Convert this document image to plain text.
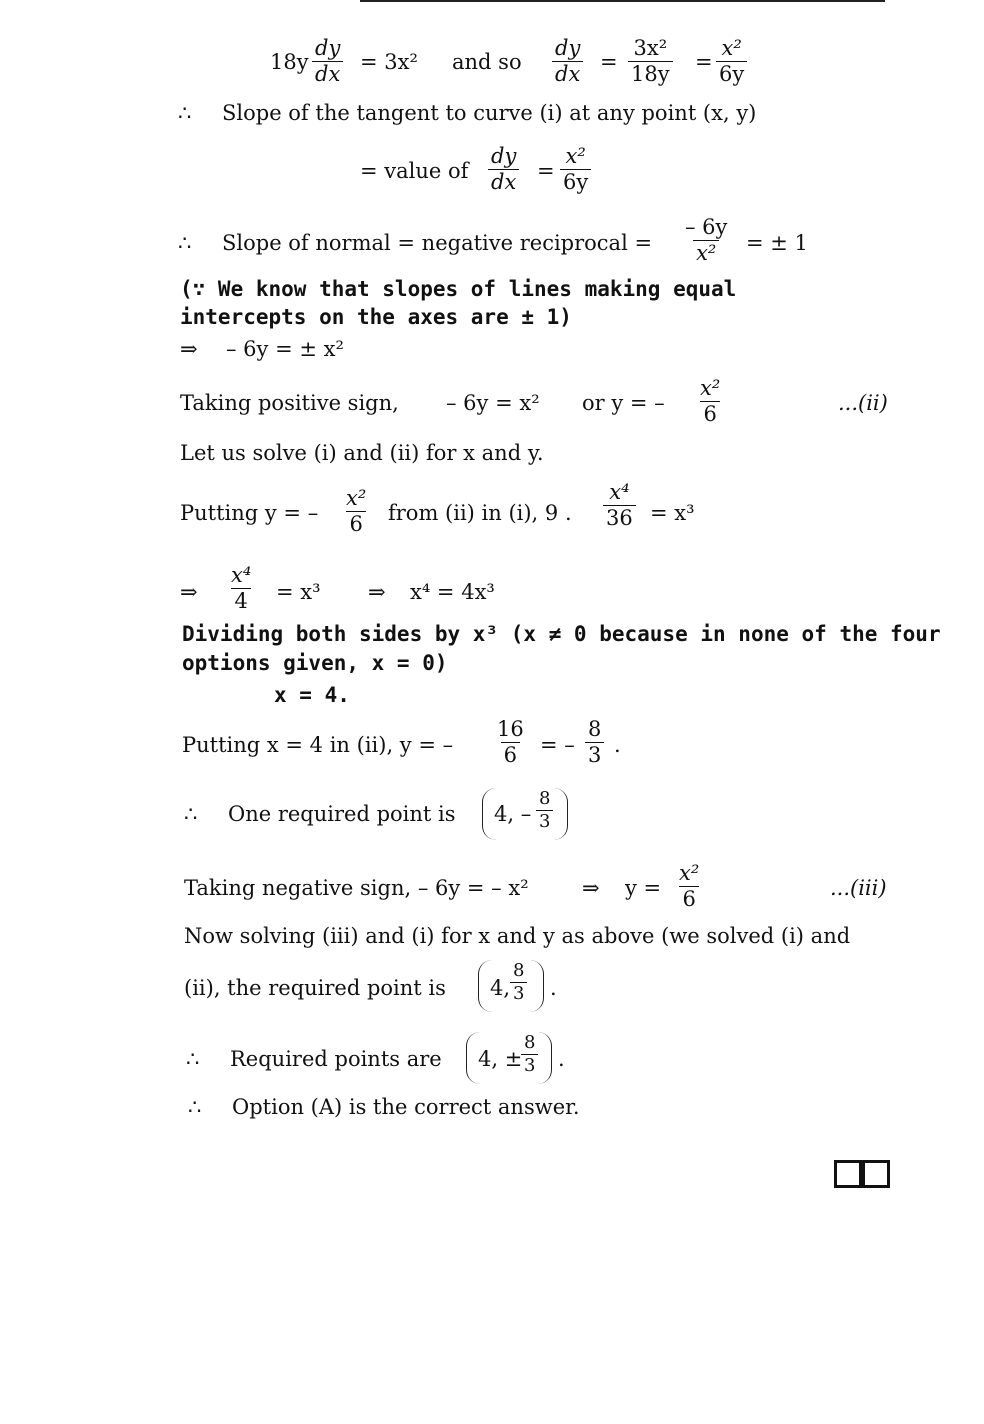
$18y \frac{dy}{dx} = 3x^2$ and so $\frac{dy}{dx} = \frac{\text{3x²}}{18y} = \frac{\text{x²}}{6y}$
∴ Slope of the tangent to curve (i) at any point (x, y)
= value of $\frac{dy}{dx} = \frac{\text{x²}}{6y}$
∴ Slope of normal = negative reciprocal = $\frac{- 6y}{\text{x²}}$ = ± 1
(∵ We know that slopes of lines making equal
intercepts on the axes are ± 1)
⇒ – 6y = ± x²
Taking positive sign, – 6y = x² or y = – $\frac{\text{x²}}{6}$	...(ii)
Let us solve (i) and (ii) for x and y.
Putting y = – $\frac{\text{x²}}{6}$ from (ii) in (i), 9 . $\frac{\text{x⁴}}{36} = x^3$
⇒ $\frac{\text{x⁴}}{4} = x^3$ ⇒ x⁴ = 4x³
Dividing both sides by x³ (x ≠ 0 because in none of the four
options given, x = 0)
x = 4.
Putting x = 4 in (ii), y = – $\frac{16}{6}$ = – $\frac{8}{3}$ .
∴ One required point is 4, – $\frac{8}{3}$
Taking negative sign, – 6y = – x²	⇒ $y = \frac{\text{x²}}{6}$	...(iii)
Now solving (iii) and (i) for x and y as above (we solved (i) and
(ii), the required point is 4, $\frac{8}{3}$ .
∴ Required points are 4, ±
$\frac{8}{3}$ .
∴ Option (A) is the correct answer.
